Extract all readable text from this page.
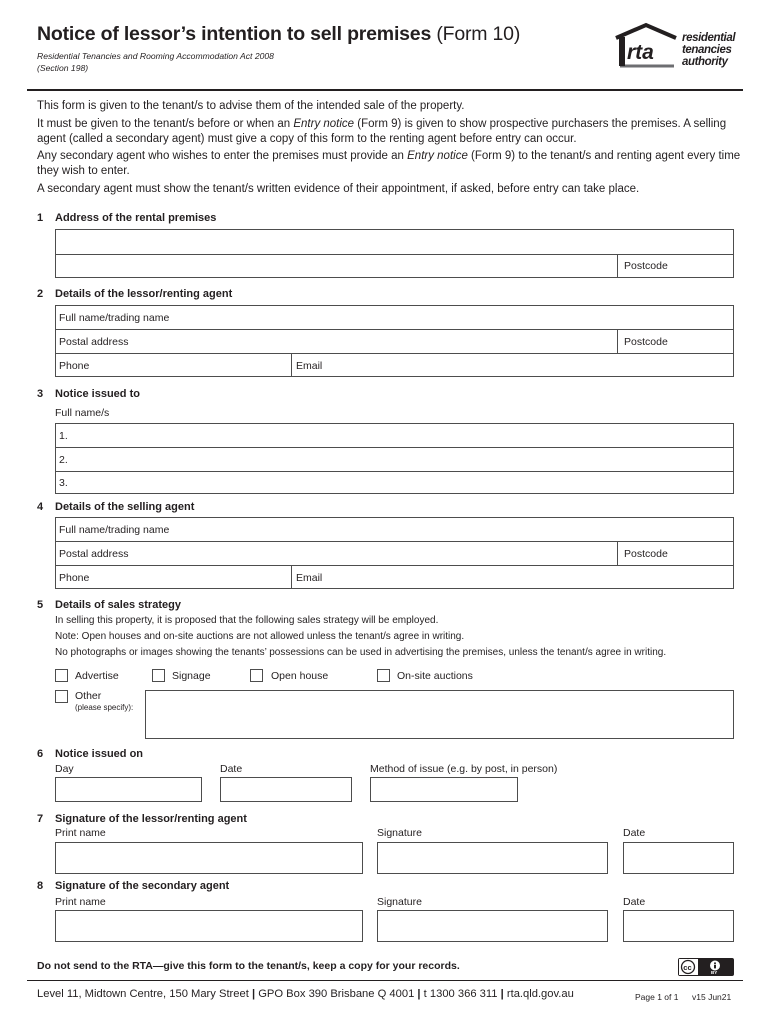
Notice of lessor’s intention to sell premises (Form 10)
Residential Tenancies and Rooming Accommodation Act 2008
(Section 198)
rta
residential
tenancies
authority

This form is given to the tenant/s to advise them of the intended sale of the property.

It must be given to the tenant/s before or when an Entry notice (Form 9) is given to show prospective purchasers the premises. A selling agent (called a secondary agent) must give a copy of this form to the renting agent before entry can occur.

Any secondary agent who wishes to enter the premises must provide an Entry notice (Form 9) to the tenant/s and renting agent every time they wish to enter.

A secondary agent must show the tenant/s written evidence of their appointment, if asked, before entry can take place.

1 Address of the rental premises
Postcode
2 Details of the lessor/renting agent
Full name/trading name
Postal address	Postcode
Phone	Email
3 Notice issued to
Full name/s
1.
2.
3.
4 Details of the selling agent
Full name/trading name
Postal address	Postcode
Phone	Email
5 Details of sales strategy
In selling this property, it is proposed that the following sales strategy will be employed.
Note: Open houses and on-site auctions are not allowed unless the tenant/s agree in writing.
No photographs or images showing the tenants’ possessions can be used in advertising the premises, unless the tenant/s agree in writing.
Advertise	Signage	Open house	On-site auctions
Other
(please specify):
6 Notice issued on
Day	Date	Method of issue (e.g. by post, in person)
7 Signature of the lessor/renting agent
Print name	Signature	Date
8 Signature of the secondary agent
Print name	Signature	Date
Do not send to the RTA—give this form to the tenant/s, keep a copy for your records.	cc
BY
Level 11, Midtown Centre, 150 Mary Street | GPO Box 390 Brisbane Q 4001 | t 1300 366 311 | rta.qld.gov.au	Page 1 of 1 v15 Jun21
